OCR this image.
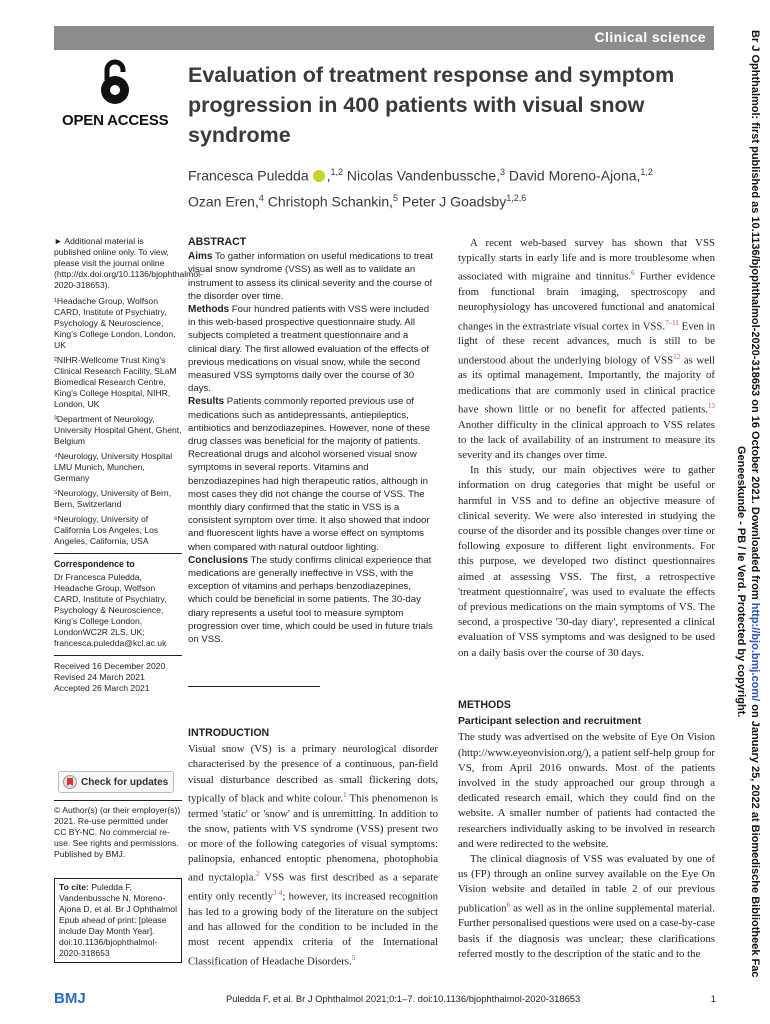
Clinical science
OPEN ACCESS
Evaluation of treatment response and symptom progression in 400 patients with visual snow syndrome
Francesca Puledda ,$^{1,2}$ Nicolas Vandenbussche,$^3$ David Moreno-Ajona,$^{1,2}$
Ozan Eren,$^4$ Christoph Schankin,$^5$ Peter J Goadsby$^{1,2,6}$

► Additional material is published online only. To view, please visit the journal online (http://dx.doi.org/10.1136/bjophthalmol-2020-318653).

¹Headache Group, Wolfson CARD, Institute of Psychiatry, Psychology & Neuroscience, King's College London, London, UK

²NIHR-Wellcome Trust King's Clinical Research Facility, SLaM Biomedical Research Centre, King's College Hospital, NIHR, London, UK

³Department of Neurology, University Hospital Ghent, Ghent, Belgium

⁴Neurology, University Hospital LMU Munich, Munchen, Germany

⁵Neurology, University of Bern, Bern, Switzerland

⁶Neurology, University of California Los Angeles, Los Angeles, California, USA

Correspondence to

Dr Francesca Puledda, Headache Group, Wolfson CARD, Institute of Psychiatry, Psychology & Neuroscience, King's College London, LondonWC2R 2LS, UK; francesca.puledda@kcl.ac.uk

Received 16 December 2020
Revised 24 March 2021
Accepted 26 March 2021
Check for updates
© Author(s) (or their employer(s)) 2021. Re-use permitted under CC BY-NC. No commercial re-use. See rights and permissions. Published by BMJ.
To cite: Puledda F, Vandenbussche N, Moreno-Ajona D, et al. Br J Ophthalmol Epub ahead of print: [please include Day Month Year]. doi:10.1136/bjophthalmol-2020-318653
ABSTRACT

Aims To gather information on useful medications to treat visual snow syndrome (VSS) as well as to validate an instrument to assess its clinical severity and the course of the disorder over time.

Methods Four hundred patients with VSS were included in this web-based prospective questionnaire study. All subjects completed a treatment questionnaire and a clinical diary. The first allowed evaluation of the effects of previous medications on visual snow, while the second measured VSS symptoms daily over the course of 30 days.

Results Patients commonly reported previous use of medications such as antidepressants, antiepileptics, antibiotics and benzodiazepines. However, none of these drug classes was beneficial for the majority of patients. Recreational drugs and alcohol worsened visual snow symptoms in several reports. Vitamins and benzodiazepines had high therapeutic ratios, although in most cases they did not change the course of VSS. The monthly diary confirmed that the static in VSS is a consistent symptom over time. It also showed that indoor and fluorescent lights have a worse effect on symptoms when compared with natural outdoor lighting.

Conclusions The study confirms clinical experience that medications are generally ineffective in VSS, with the exception of vitamins and perhaps benzodiazepines, which could be beneficial in some patients. The 30-day diary represents a useful tool to measure symptom progression over time, which could be used in future trials on VSS.

INTRODUCTION

Visual snow (VS) is a primary neurological disorder characterised by the presence of a continuous, pan-field visual disturbance described as small flickering dots, typically of black and white colour.$^1$ This phenomenon is termed 'static' or 'snow' and is unremitting. In addition to the snow, patients with VS syndrome (VSS) present two or more of the following categories of visual symptoms: palinopsia, enhanced entoptic phenomena, photophobia and nyctalopia.$^2$ VSS was first described as a separate entity only recently$^{3 4}$; however, its increased recognition has led to a growing body of the literature on the subject and has allowed for the condition to be included in the most recent appendix criteria of the International Classification of Headache Disorders.$^5$

A recent web-based survey has shown that VSS typically starts in early life and is more troublesome when associated with migraine and tinnitus.$^6$ Further evidence from functional brain imaging, spectroscopy and neurophysiology has uncovered functional and anatomical changes in the extrastriate visual cortex in VSS.$^{7-11}$ Even in light of these recent advances, much is still to be understood about the underlying biology of VSS$^{12}$ as well as its optimal management. Importantly, the majority of medications that are commonly used in clinical practice have shown little or no benefit for affected patients.$^{13}$ Another difficulty in the clinical approach to VSS relates to the lack of availability of an instrument to measure its severity and its changes over time.

In this study, our main objectives were to gather information on drug categories that might be useful or harmful in VSS and to define an objective measure of clinical severity. We were also interested in studying the course of the disorder and its possible changes over time or following exposure to different light environments. For this purpose, we developed two distinct questionnaires aimed at assessing VSS. The first, a retrospective 'treatment questionnaire', was used to evaluate the effects of previous medications on the main symptoms of VS. The second, a prospective '30-day diary', represented a clinical evaluation of VSS symptoms and was designed to be used on a daily basis over the course of 30 days.

METHODS
Participant selection and recruitment

The study was advertised on the website of Eye On Vision (http://www.eyeonvision.org/), a patient self-help group for VS, from April 2016 onwards. Most of the patients involved in the study approached our group through a dedicated research email, which they could find on the website. A smaller number of patients had contacted the researchers individually asking to be involved in research and were redirected to the website.

The clinical diagnosis of VSS was evaluated by one of us (FP) through an online survey available on the Eye On Vision website and detailed in table 2 of our previous publication$^6$ as well as in the online supplemental material. Further personalised questions were used on a case-by-case basis if the diagnosis was unclear; these clarifications referred mostly to the description of the static and to the

BMJ	Puledda F, et al. Br J Ophthalmol 2021;0:1–7. doi:10.1136/bjophthalmol-2020-318653	1
Br J Ophthalmol: first published as 10.1136/bjophthalmol-2020-318653 on 16 October 2021. Downloaded from http://bjo.bmj.com/ on January 25, 2022 at Biomedische Bibliotheek Fac
Geneeskunde - PB / Ie Verd. Protected by copyright.
